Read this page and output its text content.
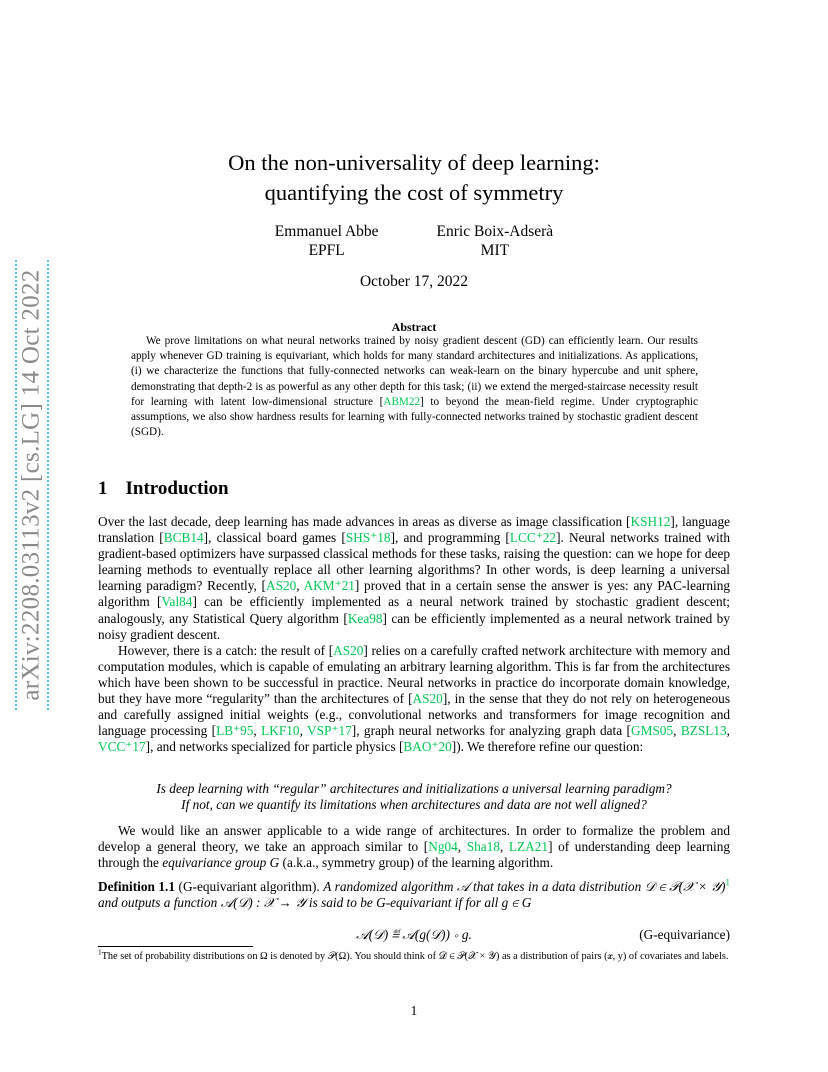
arXiv:2208.03113v2 [cs.LG] 14 Oct 2022
On the non-universality of deep learning:
quantifying the cost of symmetry
Emmanuel Abbe
EPFL
Enric Boix-Adserà
MIT
October 17, 2022
Abstract

We prove limitations on what neural networks trained by noisy gradient descent (GD) can efficiently learn. Our results apply whenever GD training is equivariant, which holds for many standard architectures and initializations. As applications, (i) we characterize the functions that fully-connected networks can weak-learn on the binary hypercube and unit sphere, demonstrating that depth-2 is as powerful as any other depth for this task; (ii) we extend the merged-staircase necessity result for learning with latent low-dimensional structure [ABM22] to beyond the mean-field regime. Under cryptographic assumptions, we also show hardness results for learning with fully-connected networks trained by stochastic gradient descent (SGD).

1 Introduction

Over the last decade, deep learning has made advances in areas as diverse as image classification [KSH12], language translation [BCB14], classical board games [SHS⁺18], and programming [LCC⁺22]. Neural networks trained with gradient-based optimizers have surpassed classical methods for these tasks, raising the question: can we hope for deep learning methods to eventually replace all other learning algorithms? In other words, is deep learning a universal learning paradigm? Recently, [AS20, AKM⁺21] proved that in a certain sense the answer is yes: any PAC-learning algorithm [Val84] can be efficiently implemented as a neural network trained by stochastic gradient descent; analogously, any Statistical Query algorithm [Kea98] can be efficiently implemented as a neural network trained by noisy gradient descent.

However, there is a catch: the result of [AS20] relies on a carefully crafted network architecture with memory and computation modules, which is capable of emulating an arbitrary learning algorithm. This is far from the architectures which have been shown to be successful in practice. Neural networks in practice do incorporate domain knowledge, but they have more “regularity” than the architectures of [AS20], in the sense that they do not rely on heterogeneous and carefully assigned initial weights (e.g., convolutional networks and transformers for image recognition and language processing [LB⁺95, LKF10, VSP⁺17], graph neural networks for analyzing graph data [GMS05, BZSL13, VCC⁺17], and networks specialized for particle physics [BAO⁺20]). We therefore refine our question:

Is deep learning with “regular” architectures and initializations a universal learning paradigm?
If not, can we quantify its limitations when architectures and data are not well aligned?

We would like an answer applicable to a wide range of architectures. In order to formalize the problem and develop a general theory, we take an approach similar to [Ng04, Sha18, LZA21] of understanding deep learning through the equivariance group G (a.k.a., symmetry group) of the learning algorithm.

Definition 1.1 (G-equivariant algorithm). A randomized algorithm 𝒜 that takes in a data distribution 𝒟 ∈ 𝒫(𝒳 × 𝒴)$^1$ and outputs a function 𝒜(𝒟) : 𝒳 → 𝒴 is said to be G-equivariant if for all g ∈ G
𝒜(𝒟) ≝ 𝒜(g(𝒟)) ∘ g.	(G-equivariance)
$^1$The set of probability distributions on Ω is denoted by 𝒫(Ω). You should think of 𝒟 ∈ 𝒫(𝒳 × 𝒴) as a distribution of pairs (𝒙, y) of covariates and labels.
1
